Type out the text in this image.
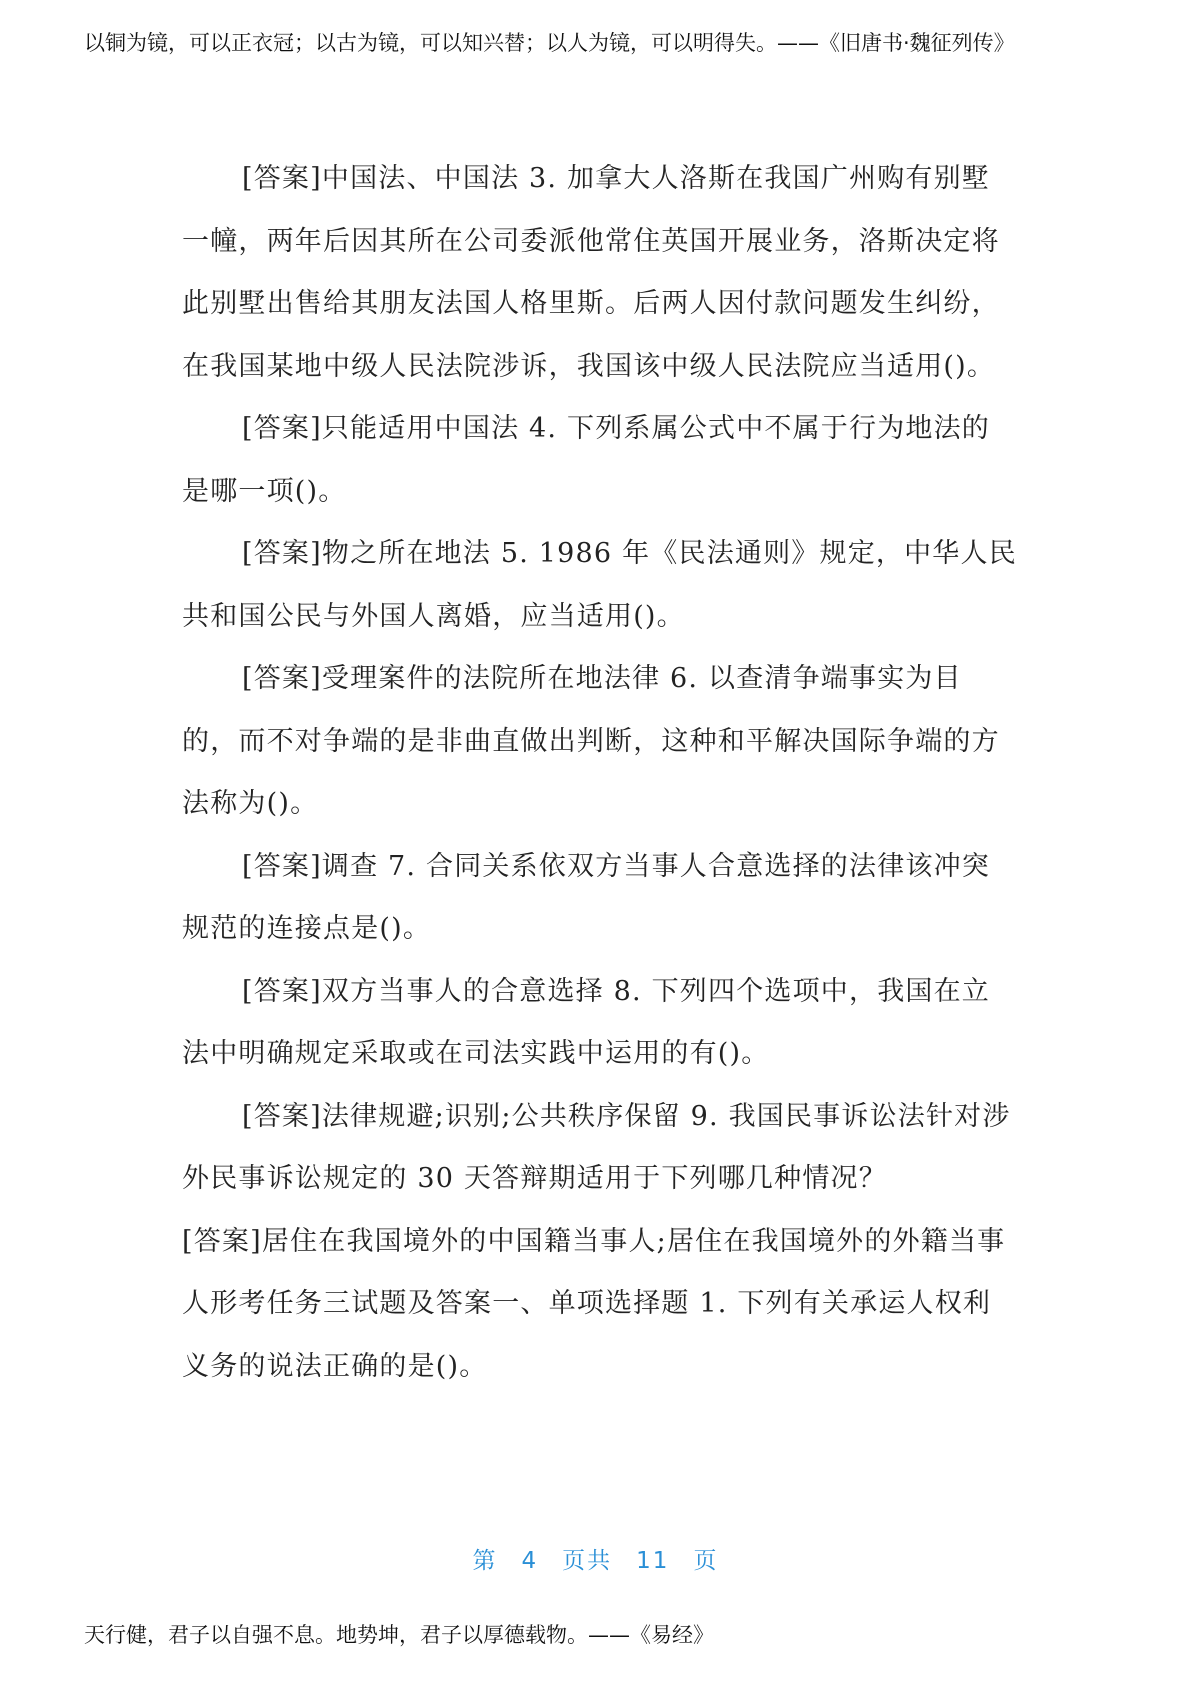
以铜为镜，可以正衣冠；以古为镜，可以知兴替；以人为镜，可以明得失。——《旧唐书·魏征列传》

[答案]中国法、中国法 3. 加拿大人洛斯在我国广州购有别墅一幢，两年后因其所在公司委派他常住英国开展业务，洛斯决定将此别墅出售给其朋友法国人格里斯。后两人因付款问题发生纠纷，在我国某地中级人民法院涉诉，我国该中级人民法院应当适用()。

[答案]只能适用中国法 4. 下列系属公式中不属于行为地法的是哪一项()。

[答案]物之所在地法 5. 1986 年《民法通则》规定，中华人民共和国公民与外国人离婚，应当适用()。

[答案]受理案件的法院所在地法律 6. 以查清争端事实为目的，而不对争端的是非曲直做出判断，这种和平解决国际争端的方法称为()。

[答案]调查 7. 合同关系依双方当事人合意选择的法律该冲突规范的连接点是()。

[答案]双方当事人的合意选择 8. 下列四个选项中，我国在立法中明确规定采取或在司法实践中运用的有()。

[答案]法律规避;识别;公共秩序保留 9. 我国民事诉讼法针对涉外民事诉讼规定的 30 天答辩期适用于下列哪几种情况？

[答案]居住在我国境外的中国籍当事人;居住在我国境外的外籍当事人形考任务三试题及答案一、单项选择题 1. 下列有关承运人权利义务的说法正确的是()。

第 4 页共 11 页
天行健，君子以自强不息。地势坤，君子以厚德载物。——《易经》
